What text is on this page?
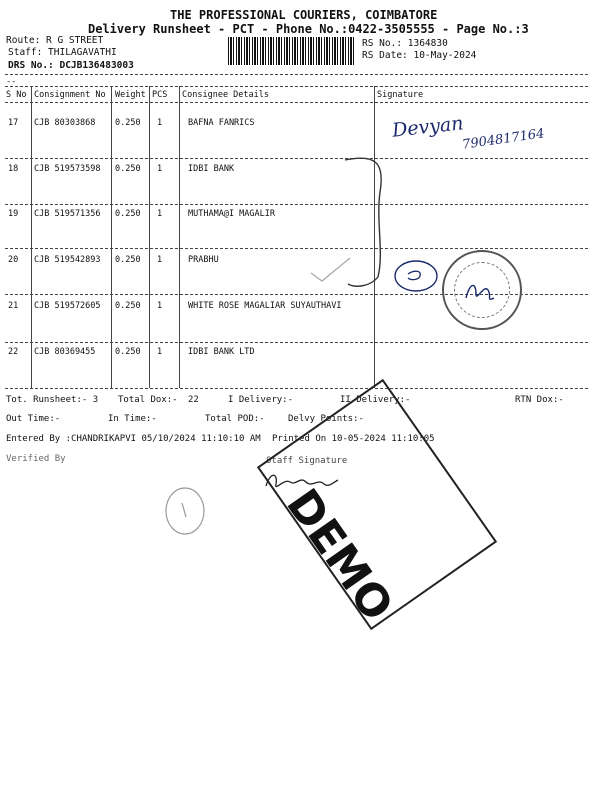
THE PROFESSIONAL COURIERS, COIMBATORE
Delivery Runsheet - PCT - Phone No.:0422-3505555 - Page No.:3
Route: R G STREET
Staff: THILAGAVATHI
DRS No.: DCJB136483003
RS No.: 1364830
RS Date: 10-May-2024
--
S No Consignment No Weight PCS Consignee Details	Signature
17 CJB 80303868 0.250 1	BAFNA FANRICS
18 CJB 519573598 0.250 1	IDBI BANK
19 CJB 519571356 0.250 1	MUTHAMA@I MAGALIR
20 CJB 519542893 0.250 1	PRABHU
21 CJB 519572605 0.250 1	WHITE ROSE MAGALIAR SUYAUTHAVI
22 CJB 80369455 0.250 1	IDBI BANK LTD
Devyan
7904817164
Tot. Runsheet:- 3 Total Dox:- 22	I Delivery:-	II Delivery:-	RTN Dox:-
Out Time:-	In Time:-	Total POD:-	Delvy Points:-
Entered By :CHANDRIKAPVI 05/10/2024 11:10:10 AM Printed On 10-05-2024 11:10:05
Verified By	Staff Signature
DEMO
